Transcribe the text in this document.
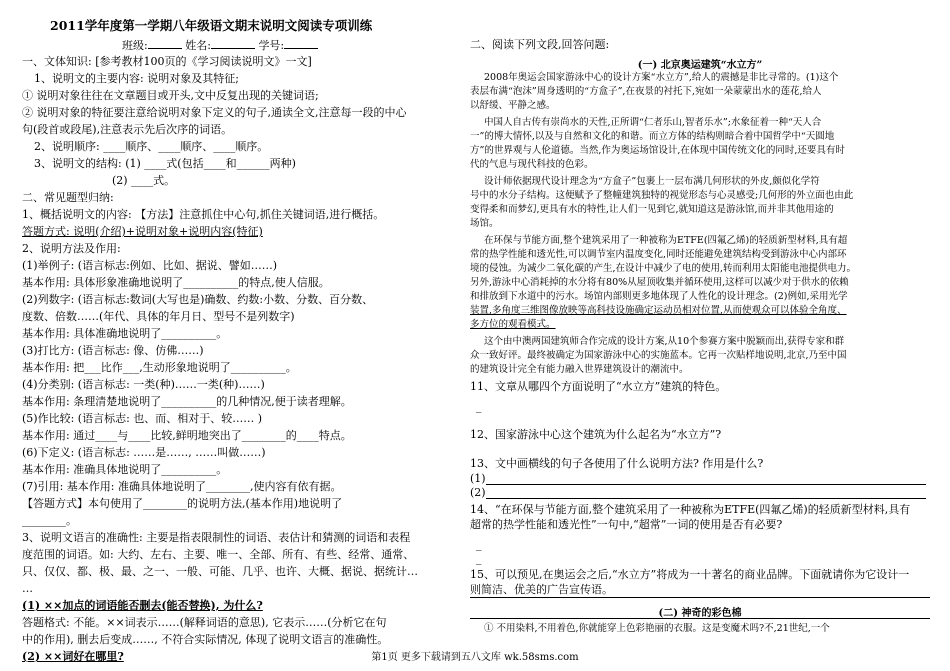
2011学年度第一学期八年级语文期末说明文阅读专项训练
班级:	姓名:	学号:
一、文体知识: [参考教材100页的《学习阅读说明文》一文]
1、说明文的主要内容: 说明对象及其特征;
① 说明对象往往在文章题目或开头,文中反复出现的关键词语;
② 说明对象的特征要注意给说明对象下定义的句子,通读全文,注意每一段的中心
句(段首或段尾),注意表示先后次序的词语。
2、说明顺序: ____顺序、____顺序、____顺序。
3、说明文的结构: (1) ____式(包括____和______两种)
(2) ____式。
二、常见题型归纳:
1、概括说明文的内容: 【方法】注意抓住中心句,抓住关键词语,进行概括。
答题方式: 说明(介绍)+说明对象+说明内容(特征)
2、说明方法及作用:
(1)举例子: (语言标志:例如、比如、据说、譬如……)
基本作用: 具体形象准确地说明了__________的特点,使人信服。
(2)列数字: (语言标志:数词(大写也是)确数、约数:小数、分数、百分数、
度数、倍数……(年代、具体的年月日、型号不是列数字)
基本作用: 具体准确地说明了__________。
(3)打比方: (语言标志: 像、仿佛……)
基本作用: 把___比作___,生动形象地说明了__________。
(4)分类别: (语言标志: 一类(种)……一类(种)……)
基本作用: 条理清楚地说明了__________的几种情况,便于读者理解。
(5)作比较: (语言标志: 也、而、相对于、较…… )
基本作用: 通过____与____比较,鲜明地突出了________的____特点。
(6)下定义: (语言标志: ……是……, ……叫做……)
基本作用: 准确具体地说明了__________。
(7)引用: 基本作用: 准确具体地说明了________,使内容有依有据。
【答题方式】本句使用了________的说明方法,(基本作用)地说明了
________。
3、说明文语言的准确性: 主要是指表限制性的词语、表估计和猜测的词语和表程
度范围的词语。如: 大约、左右、主要、唯一、全部、所有、有些、经常、通常、
只、仅仅、都、极、最、之一、一般、可能、几乎、也许、大概、据说、据统计…
…
(1) ××加点的词语能否删去(能否替换), 为什么?
答题格式: 不能。××词表示……(解释词语的意思), 它表示……(分析它在句
中的作用), 删去后变成……, 不符合实际情况, 体现了说明文语言的准确性。
(2) ××词好在哪里?
二、阅读下列文段,回答问题:
(一) 北京奥运建筑“水立方”
2008年奥运会国家游泳中心的设计方案“水立方”,给人的震撼是非比寻常的。(1)这个
表层布满“泡沫”周身透明的“方盒子”,在夜景的衬托下,宛如一朵蒙蒙出水的莲花,给人
以舒缓、平静之感。
中国人自古传有崇尚水的天性,正所谓“仁者乐山,智者乐水”;水象征着一种“天人合
一”的博大情怀,以及与自然和文化的和谐。而立方体的结构则暗合着中国哲学中“天圆地
方”的世界观与人伦道德。当然,作为奥运场馆设计,在体现中国传统文化的同时,还要具有时
代的气息与现代科技的色彩。
设计师依据现代设计理念为“方盒子”包裹上一层布满几何形状的外皮,颇似化学符
号中的水分子结构。这便赋予了整幢建筑独特的视觉形态与心灵感受;几何形的外立面也由此
变得柔和而梦幻,更具有水的特性,让人们一见到它,就知道这是游泳馆,而并非其他用途的
场馆。
在环保与节能方面,整个建筑采用了一种被称为ETFE(四氟乙烯)的轻质新型材料,具有超
常的热学性能和透光性,可以调节室内温度变化,同时还能避免建筑结构受到游泳中心内部环
境的侵蚀。为减少二氧化碳的产生,在设计中减少了电的使用,转而利用太阳能电池提供电力。
另外,游泳中心消耗掉的水分将有80%从屋顶收集并循环使用,这样可以减少对于供水的依赖
和排放到下水道中的污水。场馆内部则更多地体现了人性化的设计理念。(2)例如,采用光学
装置,多角度三维图像放映等高科技设施确定运动员相对位置,从而使观众可以体验全角度、
多方位的观看模式。
这个由中澳两国建筑师合作完成的设计方案,从10个参赛方案中脱颖而出,获得专家和群
众一致好评。最终被确定为国家游泳中心的实施蓝本。它再一次贴样地说明,北京,乃至中国
的建筑设计完全有能力融入世界建筑设计的潮流中。
11、文章从哪四个方面说明了“水立方”建筑的特色。
_
12、国家游泳中心这个建筑为什么起名为“水立方”?
13、文中画横线的句子各使用了什么说明方法? 作用是什么?
(1)
(2)
14、“在环保与节能方面,整个建筑采用了一种被称为ETFE(四氟乙烯)的轻质新型材料,具有
超常的热学性能和透光性”一句中,“超常”一词的使用是否有必要?
_
_
15、可以预见,在奥运会之后,“水立方”将成为一十著名的商业品牌。下面就请你为它设计一
则简洁、优美的广告宣传语。
(二) 神奇的彩色棉
① 不用染料,不用着色,你就能穿上色彩艳丽的衣服。这是变魔术吗?不,21世纪,一个
第1页 更多下载请到五八文库 wk.58sms.com
